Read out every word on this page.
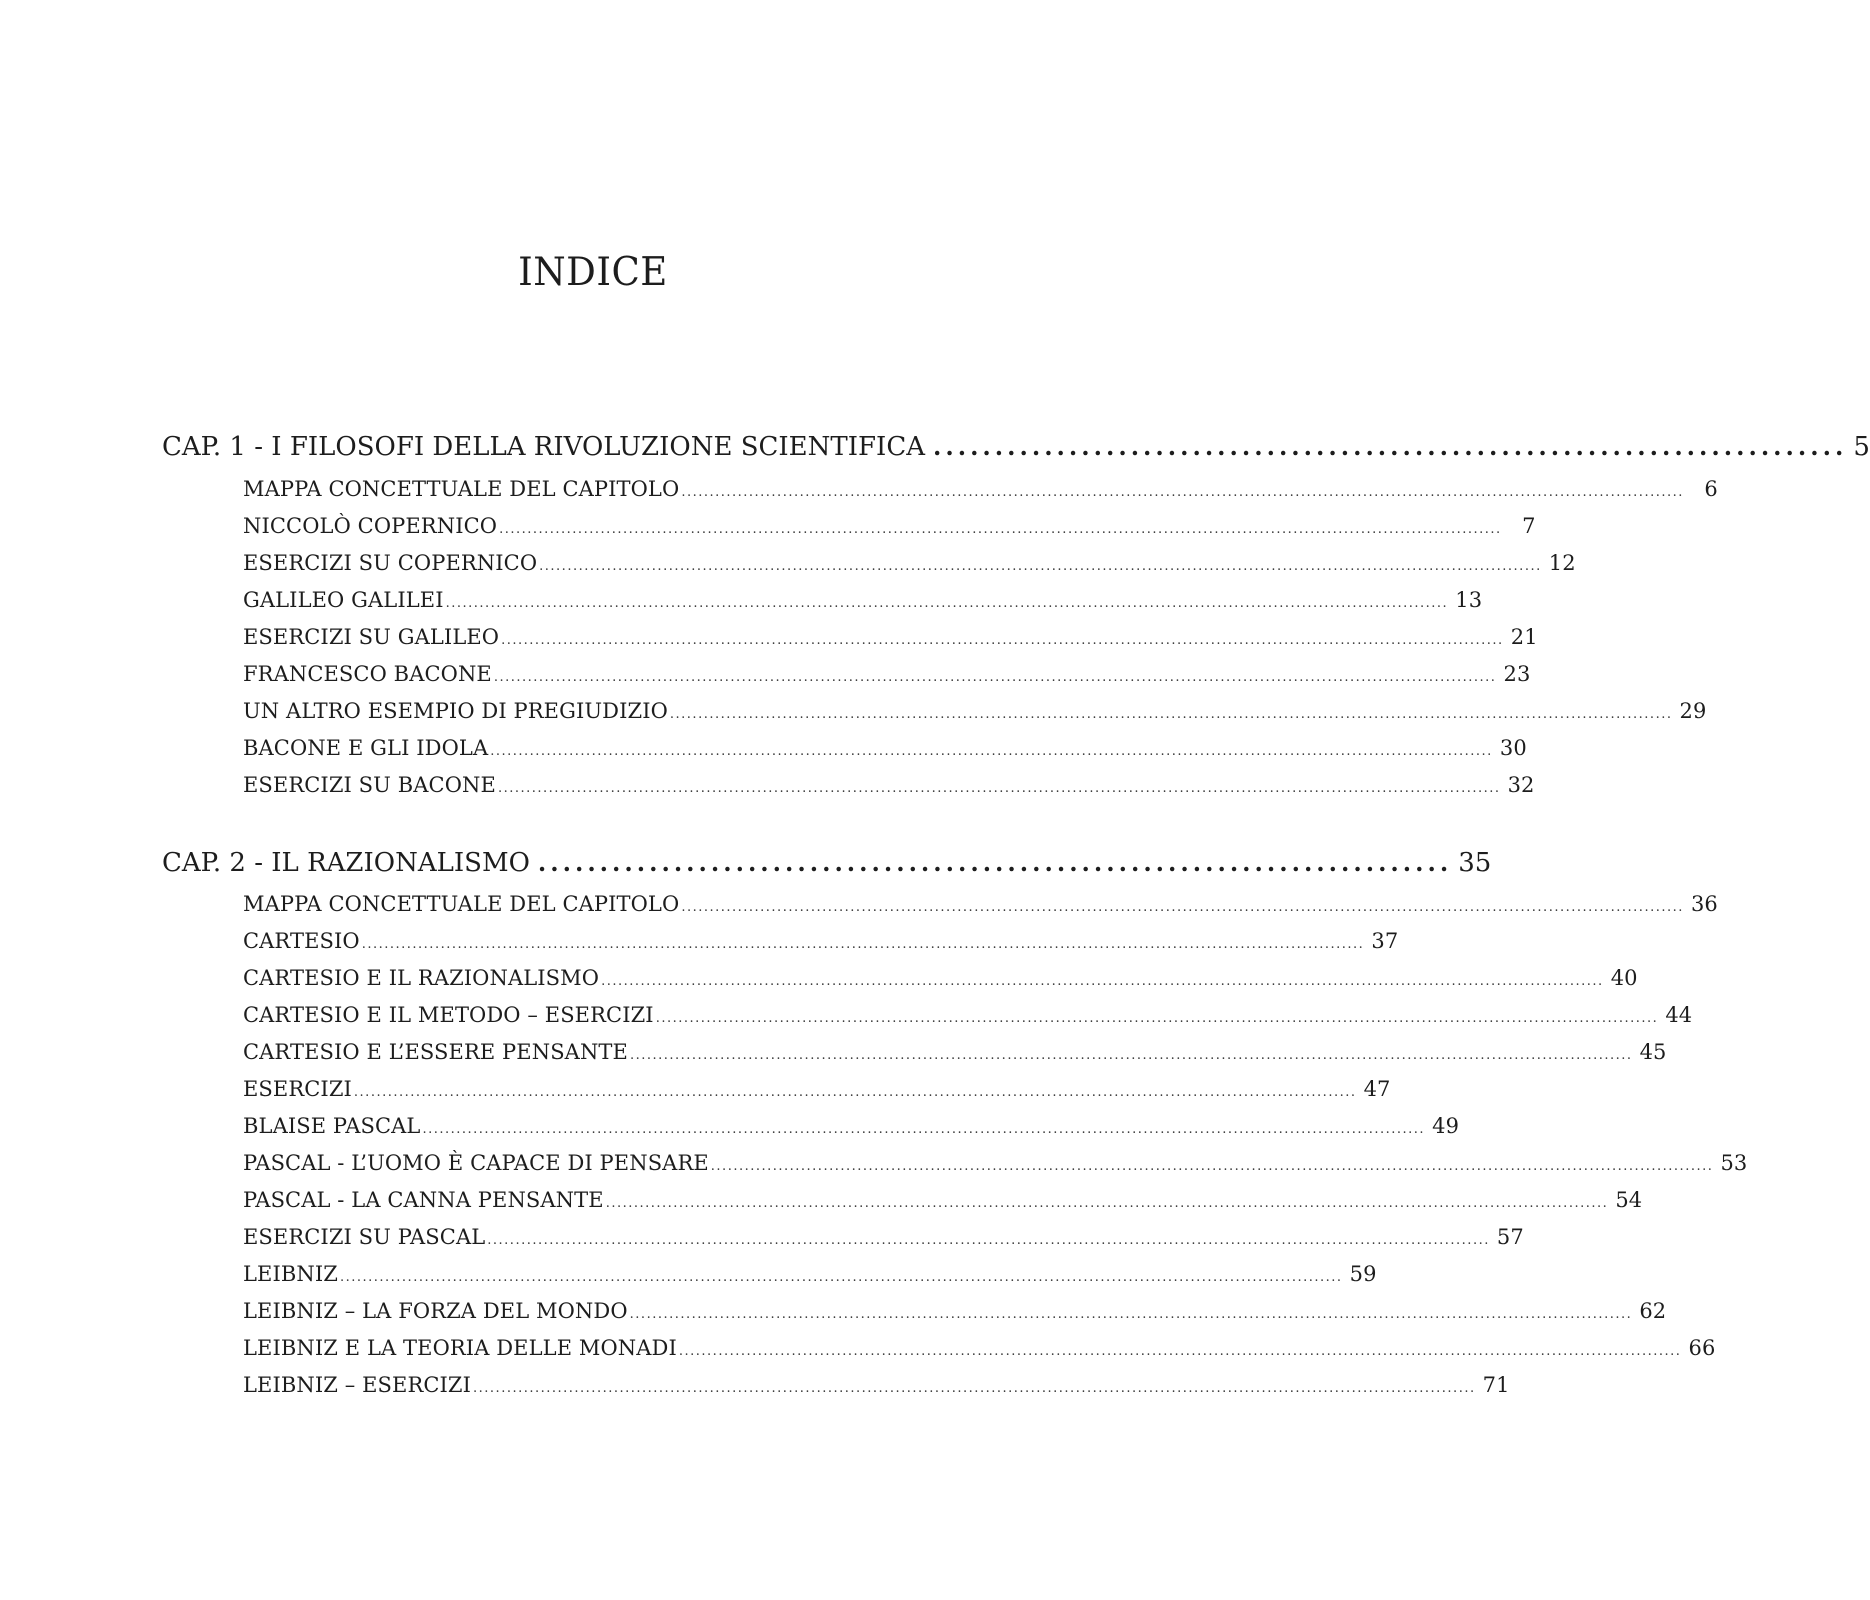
INDICE
CAP. 1 - I FILOSOFI DELLA RIVOLUZIONE SCIENTIFICA .......................................................................... 5
MAPPA CONCETTUALE DEL CAPITOLO .................................................................................................................................................................................. 6
NICCOLÒ COPERNICO .................................................................................................................................................................................. 7
ESERCIZI SU COPERNICO .................................................................................................................................................................................. 12
GALILEO GALILEI .................................................................................................................................................................................. 13
ESERCIZI SU GALILEO .................................................................................................................................................................................. 21
FRANCESCO BACONE .................................................................................................................................................................................. 23
UN ALTRO ESEMPIO DI PREGIUDIZIO .................................................................................................................................................................................. 29
BACONE E GLI IDOLA .................................................................................................................................................................................. 30
ESERCIZI SU BACONE .................................................................................................................................................................................. 32
CAP. 2 - IL RAZIONALISMO .......................................................................... 35
MAPPA CONCETTUALE DEL CAPITOLO .................................................................................................................................................................................. 36
CARTESIO .................................................................................................................................................................................. 37
CARTESIO E IL RAZIONALISMO .................................................................................................................................................................................. 40
CARTESIO E IL METODO – ESERCIZI .................................................................................................................................................................................. 44
CARTESIO E L’ESSERE PENSANTE .................................................................................................................................................................................. 45
ESERCIZI .................................................................................................................................................................................. 47
BLAISE PASCAL .................................................................................................................................................................................. 49
PASCAL - L’UOMO È CAPACE DI PENSARE .................................................................................................................................................................................. 53
PASCAL - LA CANNA PENSANTE .................................................................................................................................................................................. 54
ESERCIZI SU PASCAL .................................................................................................................................................................................. 57
LEIBNIZ .................................................................................................................................................................................. 59
LEIBNIZ – LA FORZA DEL MONDO .................................................................................................................................................................................. 62
LEIBNIZ E LA TEORIA DELLE MONADI .................................................................................................................................................................................. 66
LEIBNIZ – ESERCIZI .................................................................................................................................................................................. 71
